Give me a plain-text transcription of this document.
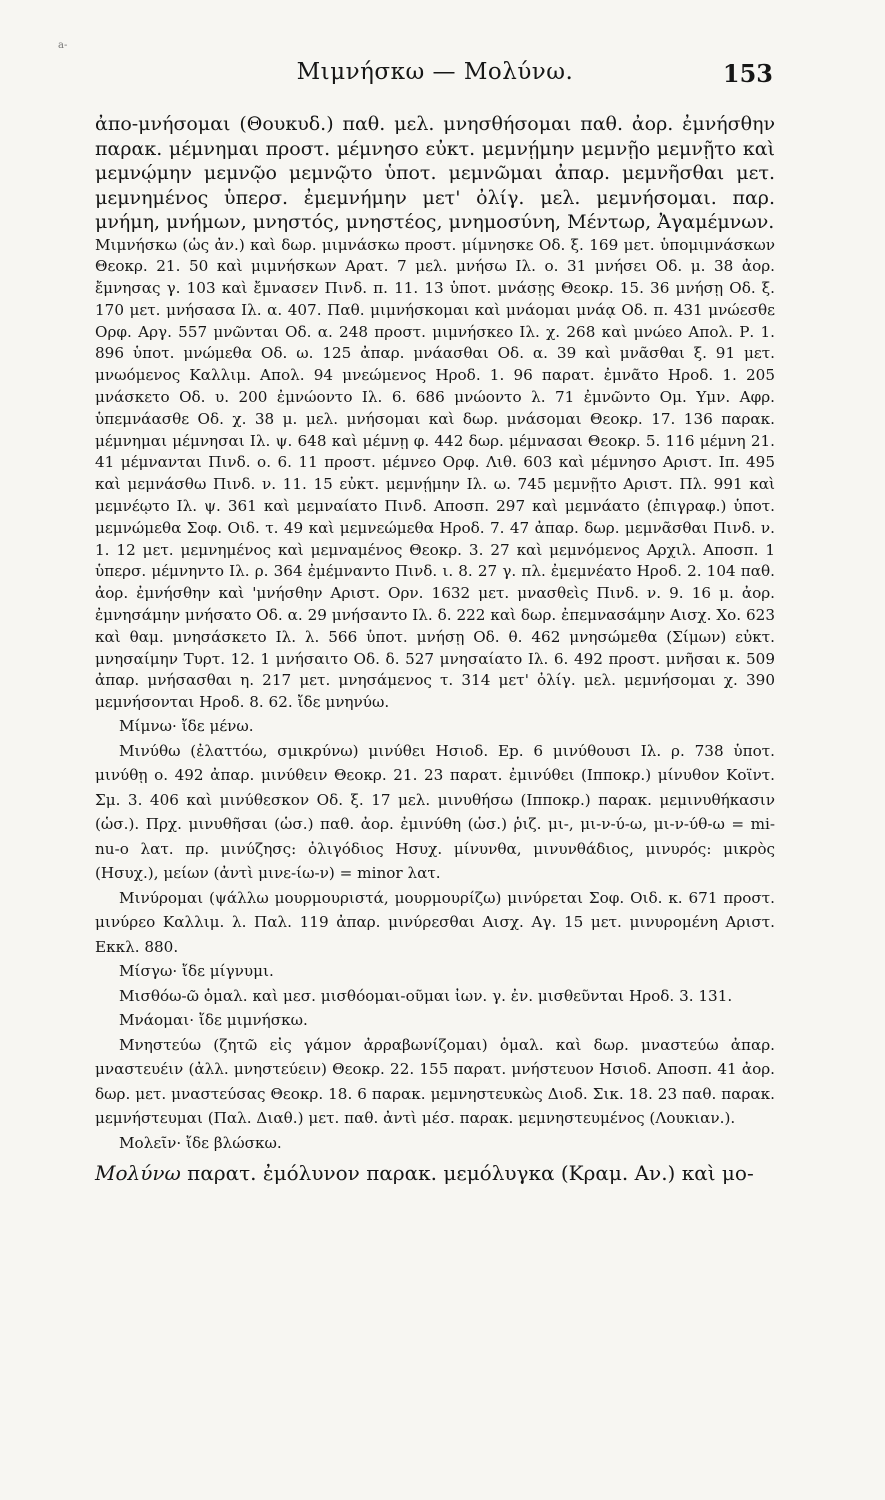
a-
Μιμνήσκω — Μολύνω.	153

ἀπο-μνήσομαι (Θουκυδ.) παθ. μελ. μνησθήσομαι παθ. ἀορ. ἐμνήσθην παρακ. μέμνημαι προστ. μέμνησο εὐκτ. μεμνῄμην μεμνῇο μεμνῇτο καὶ μεμνῴμην μεμνῷο μεμνῷτο ὑποτ. μεμνῶμαι ἀπαρ. μεμνῆσθαι μετ. μεμνημένος ὑπερσ. ἐμεμνήμην μετ' ὀλίγ. μελ. μεμνήσομαι. παρ. μνήμη, μνήμων, μνηστός, μνηστέος, μνημοσύνη, Μέντωρ, Ἀγαμέμνων.

Μιμνήσκω (ὡς ἀν.) καὶ δωρ. μιμνάσκω προστ. μίμνησκε Οδ. ξ. 169 μετ. ὑπομιμνάσκων Θεοκρ. 21. 50 καὶ μιμνήσκων Αρατ. 7 μελ. μνήσω Ιλ. ο. 31 μνήσει Οδ. μ. 38 ἀορ. ἔμνησας γ. 103 καὶ ἔμνασεν Πινδ. π. 11. 13 ὑποτ. μνάσῃς Θεοκρ. 15. 36 μνήσῃ Οδ. ξ. 170 μετ. μνήσασα Ιλ. α. 407. Παθ. μιμνήσκομαι καὶ μνάομαι μνάᾳ Οδ. π. 431 μνώεσθε Ορφ. Αργ. 557 μνῶνται Οδ. α. 248 προστ. μιμνήσκεο Ιλ. χ. 268 καὶ μνώεο Απολ. Ρ. 1. 896 ὑποτ. μνώμεθα Οδ. ω. 125 ἀπαρ. μνάασθαι Οδ. α. 39 καὶ μνᾶσθαι ξ. 91 μετ. μνωόμενος Καλλιμ. Απολ. 94 μνεώμενος Ηροδ. 1. 96 παρατ. ἐμνᾶτο Ηροδ. 1. 205 μνάσκετο Οδ. υ. 200 ἐμνώοντο Ιλ. 6. 686 μνώοντο λ. 71 ἐμνῶντο Ομ. Υμν. Αφρ. ὑπεμνάασθε Οδ. χ. 38 μ. μελ. μνήσομαι καὶ δωρ. μνάσομαι Θεοκρ. 17. 136 παρακ. μέμνημαι μέμνησαι Ιλ. ψ. 648 καὶ μέμνῃ φ. 442 δωρ. μέμνασαι Θεοκρ. 5. 116 μέμνη 21. 41 μέμνανται Πινδ. ο. 6. 11 προστ. μέμνεο Ορφ. Λιθ. 603 καὶ μέμνησο Αριστ. Ιπ. 495 καὶ μεμνάσθω Πινδ. ν. 11. 15 εὐκτ. μεμνῄμην Ιλ. ω. 745 μεμνῇτο Αριστ. Πλ. 991 καὶ μεμνέῳτο Ιλ. ψ. 361 καὶ μεμναίατο Πινδ. Αποσπ. 297 καὶ μεμνάατο (ἐπιγραφ.) ὑποτ. μεμνώμεθα Σοφ. Οιδ. τ. 49 καὶ μεμνεώμεθα Ηροδ. 7. 47 ἀπαρ. δωρ. μεμνᾶσθαι Πινδ. ν. 1. 12 μετ. μεμνημένος καὶ μεμναμένος Θεοκρ. 3. 27 καὶ μεμνόμενος Αρχιλ. Αποσπ. 1 ὑπερσ. μέμνηντο Ιλ. ρ. 364 ἐμέμναντο Πινδ. ι. 8. 27 γ. πλ. ἐμεμνέατο Ηροδ. 2. 104 παθ. ἀορ. ἐμνήσθην καὶ 'μνήσθην Αριστ. Ορν. 1632 μετ. μνασθεὶς Πινδ. ν. 9. 16 μ. ἀορ. ἐμνησάμην μνήσατο Οδ. α. 29 μνήσαντο Ιλ. δ. 222 καὶ δωρ. ἐπεμνασάμην Αισχ. Χο. 623 καὶ θαμ. μνησάσκετο Ιλ. λ. 566 ὑποτ. μνήσῃ Οδ. θ. 462 μνησώμεθα (Σίμων) εὐκτ. μνησαίμην Τυρτ. 12. 1 μνήσαιτο Οδ. δ. 527 μνησαίατο Ιλ. 6. 492 προστ. μνῆσαι κ. 509 ἀπαρ. μνήσασθαι η. 217 μετ. μνησάμενος τ. 314 μετ' ὀλίγ. μελ. μεμνήσομαι χ. 390 μεμνήσονται Ηροδ. 8. 62. ἴδε μνηνύω.

Μίμνω· ἴδε μένω.

Μινύθω (ἐλαττόω, σμικρύνω) μινύθει Ησιοδ. Εp. 6 μινύθουσι Ιλ. ρ. 738 ὑποτ. μινύθῃ ο. 492 ἀπαρ. μινύθειν Θεοκρ. 21. 23 παρατ. ἐμινύθει (Ιπποκρ.) μίνυθον Κοϊντ. Σμ. 3. 406 καὶ μινύθεσκον Οδ. ξ. 17 μελ. μινυθήσω (Ιπποκρ.) παρακ. μεμινυθήκασιν (ὡσ.). Πρχ. μινυθῆσαι (ὡσ.) παθ. ἀορ. ἐμινύθη (ὡσ.) ῥιζ. μι-, μι-ν-ύ-ω, μι-ν-ύθ-ω = mi-nu-o λατ. πρ. μινύζησς: ὀλιγόδιος Ησυχ. μίνυνθα, μινυνθάδιος, μινυρός: μικρὸς (Ησυχ.), μείων (ἀντὶ μινε-ίω-ν) = minor λατ.

Μινύρομαι (ψάλλω μουρμουριστά, μουρμουρίζω) μινύρεται Σοφ. Οιδ. κ. 671 προστ. μινύρεο Καλλιμ. λ. Παλ. 119 ἀπαρ. μινύρεσθαι Αισχ. Αγ. 15 μετ. μινυρομένη Αριστ. Εκκλ. 880.

Μίσγω· ἴδε μίγνυμι.

Μισθόω-ῶ ὁμαλ. καὶ μεσ. μισθόομαι-οῦμαι ἰων. γ. ἐν. μισθεῦνται Ηροδ. 3. 131.

Μνάομαι· ἴδε μιμνήσκω.

Μνηστεύω (ζητῶ εἰς γάμον ἀρραβωνίζομαι) ὁμαλ. καὶ δωρ. μναστεύω ἀπαρ. μναστευέιν (ἀλλ. μνηστεύειν) Θεοκρ. 22. 155 παρατ. μνήστευον Ησιοδ. Αποσπ. 41 ἀορ. δωρ. μετ. μναστεύσας Θεοκρ. 18. 6 παρακ. μεμνηστευκὼς Διοδ. Σικ. 18. 23 παθ. παρακ. μεμνήστευμαι (Παλ. Διαθ.) μετ. παθ. ἀντὶ μέσ. παρακ. μεμνηστευμένος (Λουκιαν.).

Μολεῖν· ἴδε βλώσκω.

Μολύνω παρατ. ἐμόλυνον παρακ. μεμόλυγκα (Κραμ. Αν.) καὶ μο-
